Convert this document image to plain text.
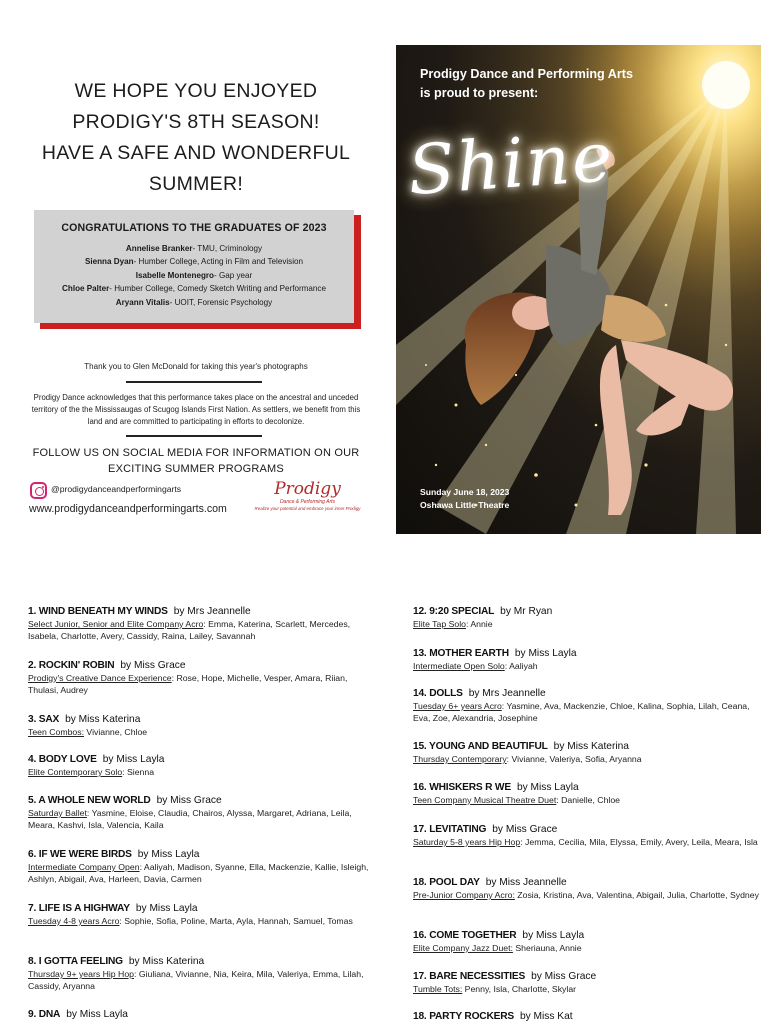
WE HOPE YOU ENJOYED
PRODIGY'S 8TH SEASON!
HAVE A SAFE AND WONDERFUL
SUMMER!
CONGRATULATIONS TO THE GRADUATES OF 2023
Annelise Branker- TMU, Criminology
Sienna Dyan- Humber College, Acting in Film and Television
Isabelle Montenegro- Gap year
Chloe Palter- Humber College, Comedy Sketch Writing and Performance
Aryann Vitalis- UOIT, Forensic Psychology
Thank you to Glen McDonald for taking this year's photographs
Prodigy Dance acknowledges that this performance takes place on the ancestral and unceded territory of the the Mississaugas of Scugog Islands First Nation. As settlers, we benefit from this land and are committed to participating in efforts to decolonize.
FOLLOW US ON SOCIAL MEDIA FOR INFORMATION ON OUR
EXCITING SUMMER PROGRAMS
@prodigydanceandperformingarts
www.prodigydanceandperformingarts.com
Prodigy
Dance & Performing Arts
Realize your potential and embrace your inner Prodigy
Prodigy Dance and Performing Arts
is proud to present:
Shine
Sunday June 18, 2023
Oshawa Little Theatre
1. WIND BENEATH MY WINDS by Mrs Jeannelle
Select Junior, Senior and Elite Company Acro: Emma, Katerina, Scarlett, Mercedes, Isabela, Charlotte, Avery, Cassidy, Raina, Lailey, Savannah
2. ROCKIN' ROBIN by Miss Grace
Prodigy's Creative Dance Experience: Rose, Hope, Michelle, Vesper, Amara, Riian, Thulasi, Audrey
3. SAX by Miss Katerina
Teen Combos: Vivianne, Chloe
4. BODY LOVE by Miss Layla
Elite Contemporary Solo: Sienna
5. A WHOLE NEW WORLD by Miss Grace
Saturday Ballet: Yasmine, Eloise, Claudia, Chairos, Alyssa, Margaret, Adriana, Leila, Meara, Kashvi, Isla, Valencia, Kaila
6. IF WE WERE BIRDS by Miss Layla
Intermediate Company Open: Aaliyah, Madison, Syanne, Ella, Mackenzie, Kallie, Isleigh, Ashlyn, Abigail, Ava, Harleen, Davia, Carmen
7. LIFE IS A HIGHWAY by Miss Layla
Tuesday 4-8 years Acro: Sophie, Sofia, Poline, Marta, Ayla, Hannah, Samuel, Tomas
8. I GOTTA FEELING by Miss Katerina
Thursday 9+ years Hip Hop: Giuliana, Vivianne, Nia, Keira, Mila, Valeriya, Emma, Lilah, Cassidy, Aryanna
9. DNA by Miss Layla
12. 9:20 SPECIAL by Mr Ryan
Elite Tap Solo: Annie
13. MOTHER EARTH by Miss Layla
Intermediate Open Solo: Aaliyah
14. DOLLS by Mrs Jeannelle
Tuesday 6+ years Acro: Yasmine, Ava, Mackenzie, Chloe, Kalina, Sophia, Lilah, Ceana, Eva, Zoe, Alexandria, Josephine
15. YOUNG AND BEAUTIFUL by Miss Katerina
Thursday Contemporary: Vivianne, Valeriya, Sofia, Aryanna
16. WHISKERS R WE by Miss Layla
Teen Company Musical Theatre Duet: Danielle, Chloe
17. LEVITATING by Miss Grace
Saturday 5-8 years Hip Hop: Jemma, Cecilia, Mila, Elyssa, Emily, Avery, Leila, Meara, Isla
18. POOL DAY by Miss Jeannelle
Pre-Junior Company Acro: Zosia, Kristina, Ava, Valentina, Abigail, Julia, Charlotte, Sydney
16. COME TOGETHER by Miss Layla
Elite Company Jazz Duet: Sheriauna, Annie
17. BARE NECESSITIES by Miss Grace
Tumble Tots: Penny, Isla, Charlotte, Skylar
18. PARTY ROCKERS by Miss Kat
